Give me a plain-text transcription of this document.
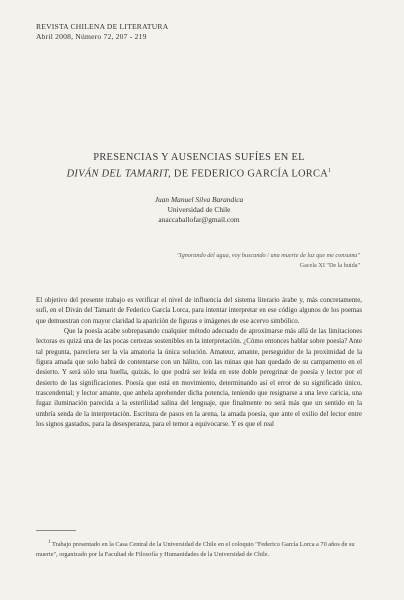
REVISTA CHILENA DE LITERATURA
Abril 2008, Número 72, 207 - 219
PRESENCIAS Y AUSENCIAS SUFÍES EN EL
DIVÁN DEL TAMARIT, DE FEDERICO GARCÍA LORCA$^1$
Juan Manuel Silva Barandica
Universidad de Chile
anaccaballofar@gmail.com
"Ignorando del agua, voy buscando / una muerte de luz que me consuma"
Gacela XI "De la huida"

El objetivo del presente trabajo es verificar el nivel de influencia del sistema literario árabe y, más concretamente, sufí, en el Diván del Tamarit de Federico García Lorca, para intentar interpretar en ese código algunos de los poemas que demuestran con mayor claridad la aparición de figuras e imágenes de ese acervo simbólico.

Que la poesía acabe sobrepasando cualquier método adecuado de aproximarse más allá de las limitaciones lectoras es quizá una de las pocas certezas sostenibles en la interpretación. ¿Cómo entonces hablar sobre poesía? Ante tal pregunta, pareciera ser la vía amatoria la única solución. Amateur, amante, perseguidor de la proximidad de la figura amada que solo habrá de contentarse con un hálito, con las ruinas que han quedado de su campamento en el desierto. Y será sólo una huella, quizás, lo que podrá ser leída en este doble peregrinar de poesía y lector por el desierto de las significaciones. Poesía que está en movimiento, determinando así el error de su significado único, trascendental; y lector amante, que anhela aprehender dicha potencia, teniendo que resignarse a una leve caricia, una fugaz iluminación parecida a la esterilidad salina del lenguaje, que finalmente no será más que un sentido en la umbría senda de la interpretación. Escritura de pasos en la arena, la amada poesía, que ante el exilio del lector entre los signos gastados, para la desesperanza, para el temor a equivocarse. Y es que el real

$^1$ Trabajo presentado en la Casa Central de la Universidad de Chile en el coloquio "Federico García Lorca a 70 años de su muerte", organizado por la Facultad de Filosofía y Humanidades de la Universidad de Chile.
